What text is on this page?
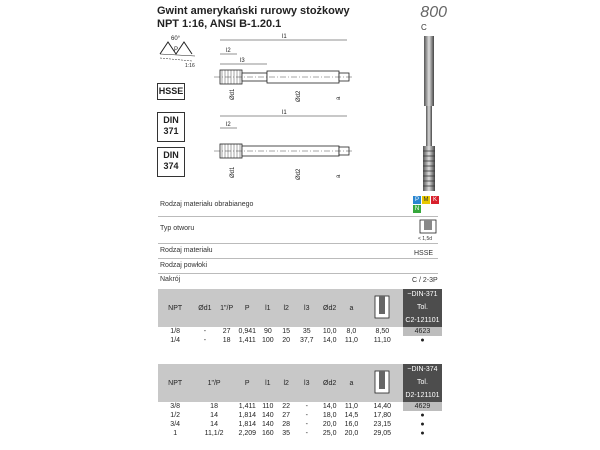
Gwint amerykański rurowy stożkowy
NPT 1:16, ANSI B-1.20.1
800
C
60°
P
1:16
HSSE
DIN
371
DIN
374
l1
l3
l2
Ød1	Ød2	a
l1
l2
Ød1	Ød2	a
Rodzaj materiału obrabianego
P M K
N
Typ otworu
< 1,5d
Rodzaj materiału	HSSE
Rodzaj powłoki
Nakrój	C / 2-3P
NPT	Ød1	1"/P	P	l1	l2	l3	Ød2	a		~DIN-371
Tol.
C2-121101

1/8	-	27	0,941	90	15	35	10,0	8,0	8,50	4623
1/4	-	18	1,411	100	20	37,7	14,0	11,0	11,10	●
NPT	1"/P	P	l1	l2	l3	Ød2	a		~DIN-374
Tol.
D2-121101

3/8	18	1,411	110	22	-	14,0	11,0	14,40	4629
1/2	14	1,814	140	27	-	18,0	14,5	17,80	●
3/4	14	1,814	140	28	-	20,0	16,0	23,15	●
1	11,1/2	2,209	160	35	-	25,0	20,0	29,05	●
